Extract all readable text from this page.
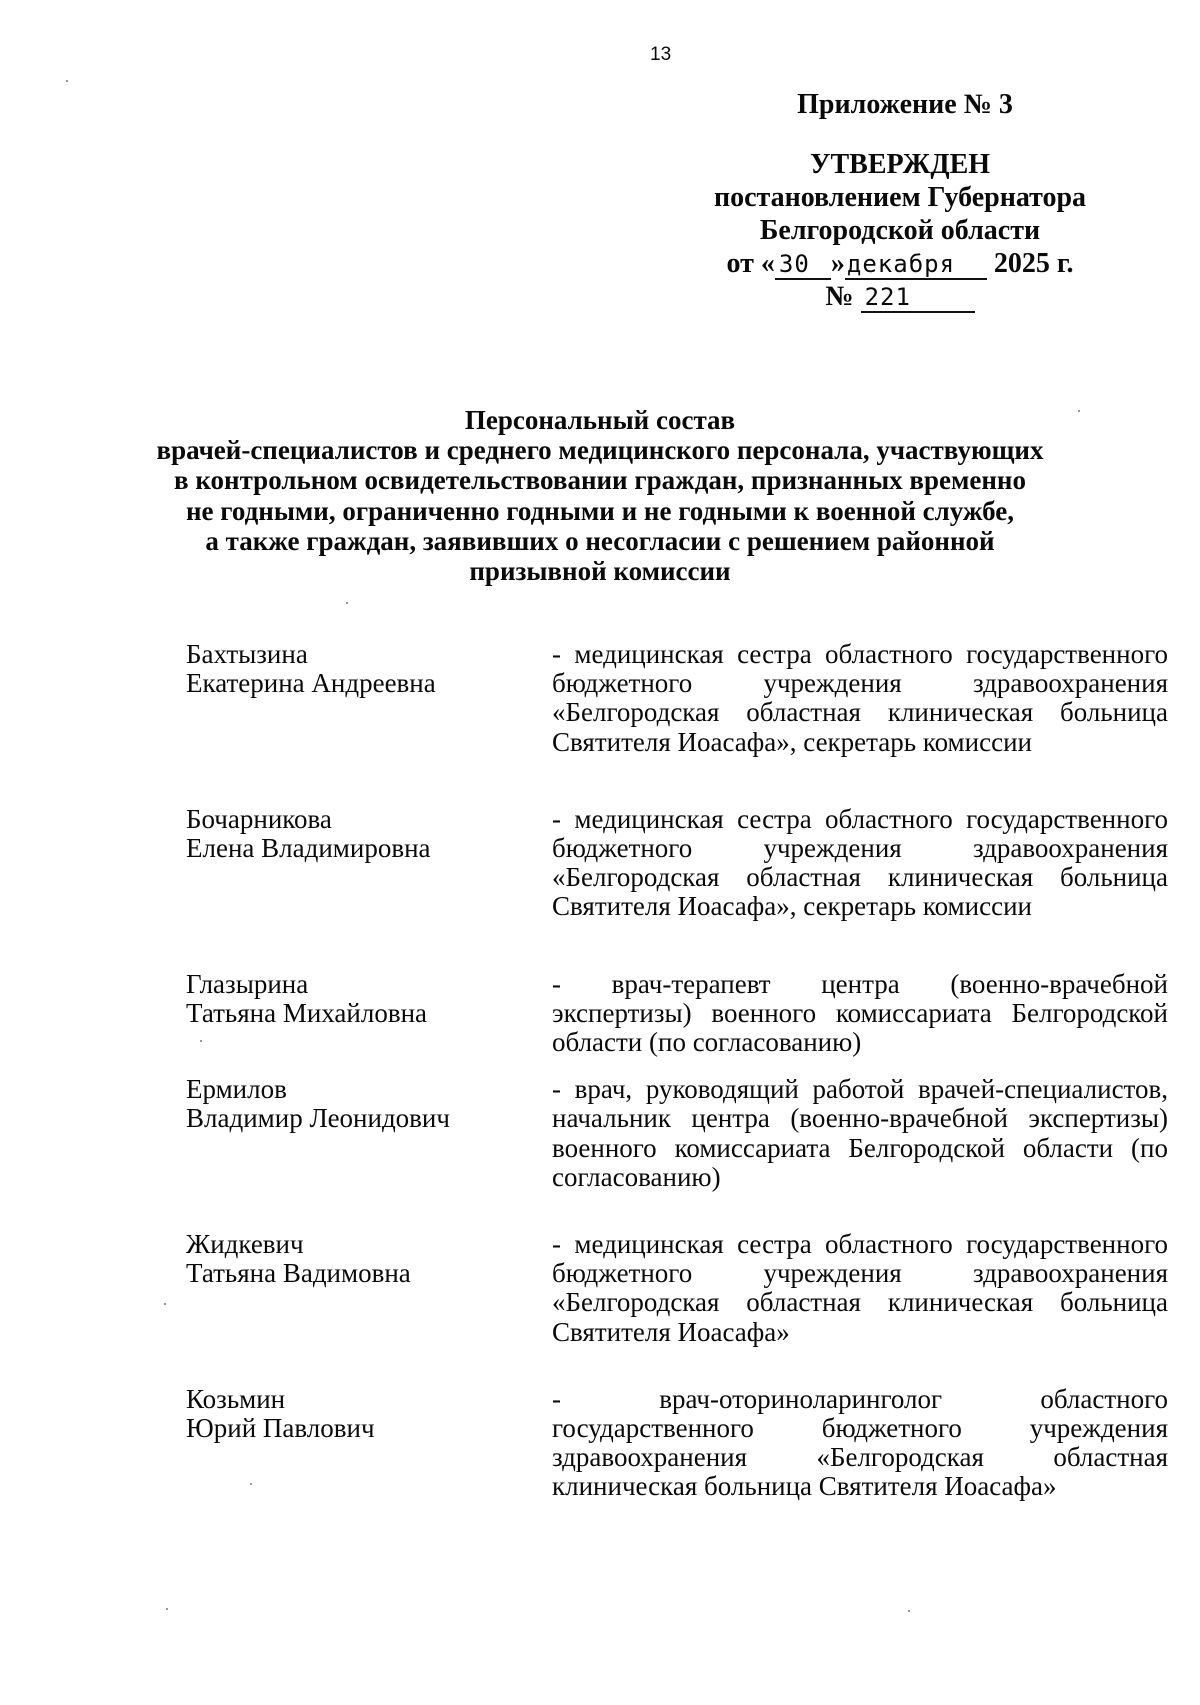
13
Приложение № 3
УТВЕРЖДЕН
постановлением Губернатора
Белгородской области
от « 30 »декабря 2025 г.
№ 221
Персональный состав
врачей-специалистов и среднего медицинского персонала, участвующих
в контрольном освидетельствовании граждан, признанных временно
не годными, ограниченно годными и не годными к военной службе,
а также граждан, заявивших о несогласии с решением районной
призывной комиссии
Бахтызина
Екатерина Андреевна
- медицинская сестра областного государственного бюджетного учреждения здравоохранения «Белгородская областная клиническая больница Святителя Иоасафа», секретарь комиссии
Бочарникова
Елена Владимировна
- медицинская сестра областного государственного бюджетного учреждения здравоохранения «Белгородская областная клиническая больница Святителя Иоасафа», секретарь комиссии
Глазырина
Татьяна Михайловна
- врач-терапевт центра (военно-врачебной экспертизы) военного комиссариата Белгородской области (по согласованию)
Ермилов
Владимир Леонидович
- врач, руководящий работой врачей-специалистов, начальник центра (военно-врачебной экспертизы) военного комиссариата Белгородской области (по согласованию)
Жидкевич
Татьяна Вадимовна
- медицинская сестра областного государственного бюджетного учреждения здравоохранения «Белгородская областная клиническая больница Святителя Иоасафа»
Козьмин
Юрий Павлович
- врач-оториноларинголог областного государственного бюджетного учреждения здравоохранения «Белгородская областная клиническая больница Святителя Иоасафа»
